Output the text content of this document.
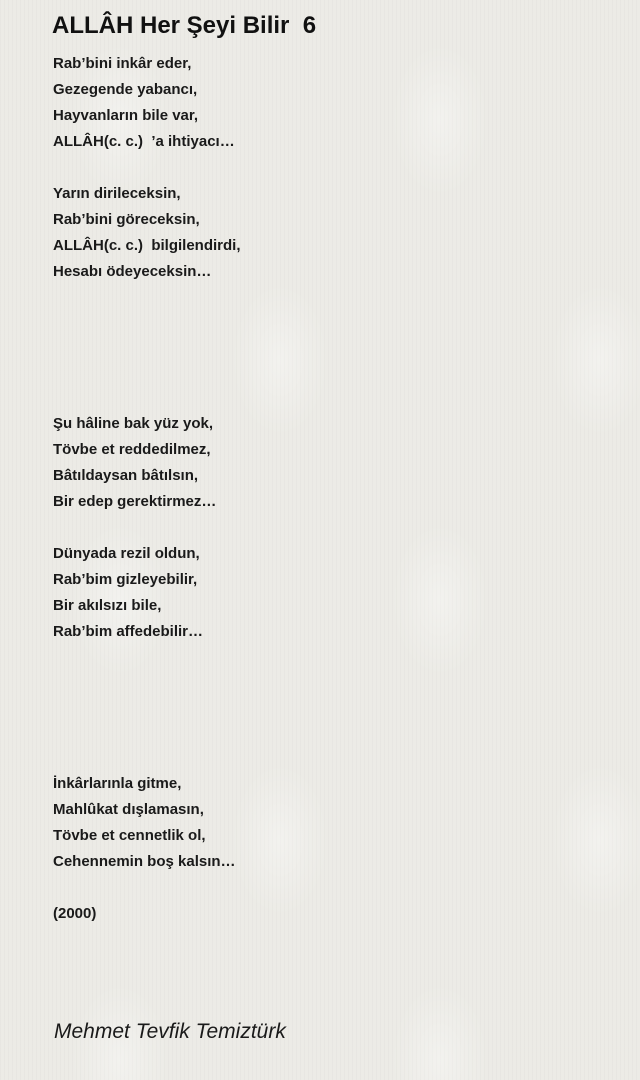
ALLÂH Her Şeyi Bilir  6
Rab’bini inkâr eder,
Gezegende yabancı,
Hayvanların bile var,
ALLÂH(c. c.)  ’a ihtiyacı…
Yarın dirileceksin,
Rab’bini göreceksin,
ALLÂH(c. c.)  bilgilendirdi,
Hesabı ödeyeceksin…
Şu hâline bak yüz yok,
Tövbe et reddedilmez,
Bâtıldaysan bâtılsın,
Bir edep gerektirmez…
Dünyada rezil oldun,
Rab’bim gizleyebilir,
Bir akılsızı bile,
Rab’bim affedebilir…
İnkârlarınla gitme,
Mahlûkat dışlamasın,
Tövbe et cennetlik ol,
Cehennemin boş kalsın…
(2000)
Mehmet Tevfik Temiztürk
